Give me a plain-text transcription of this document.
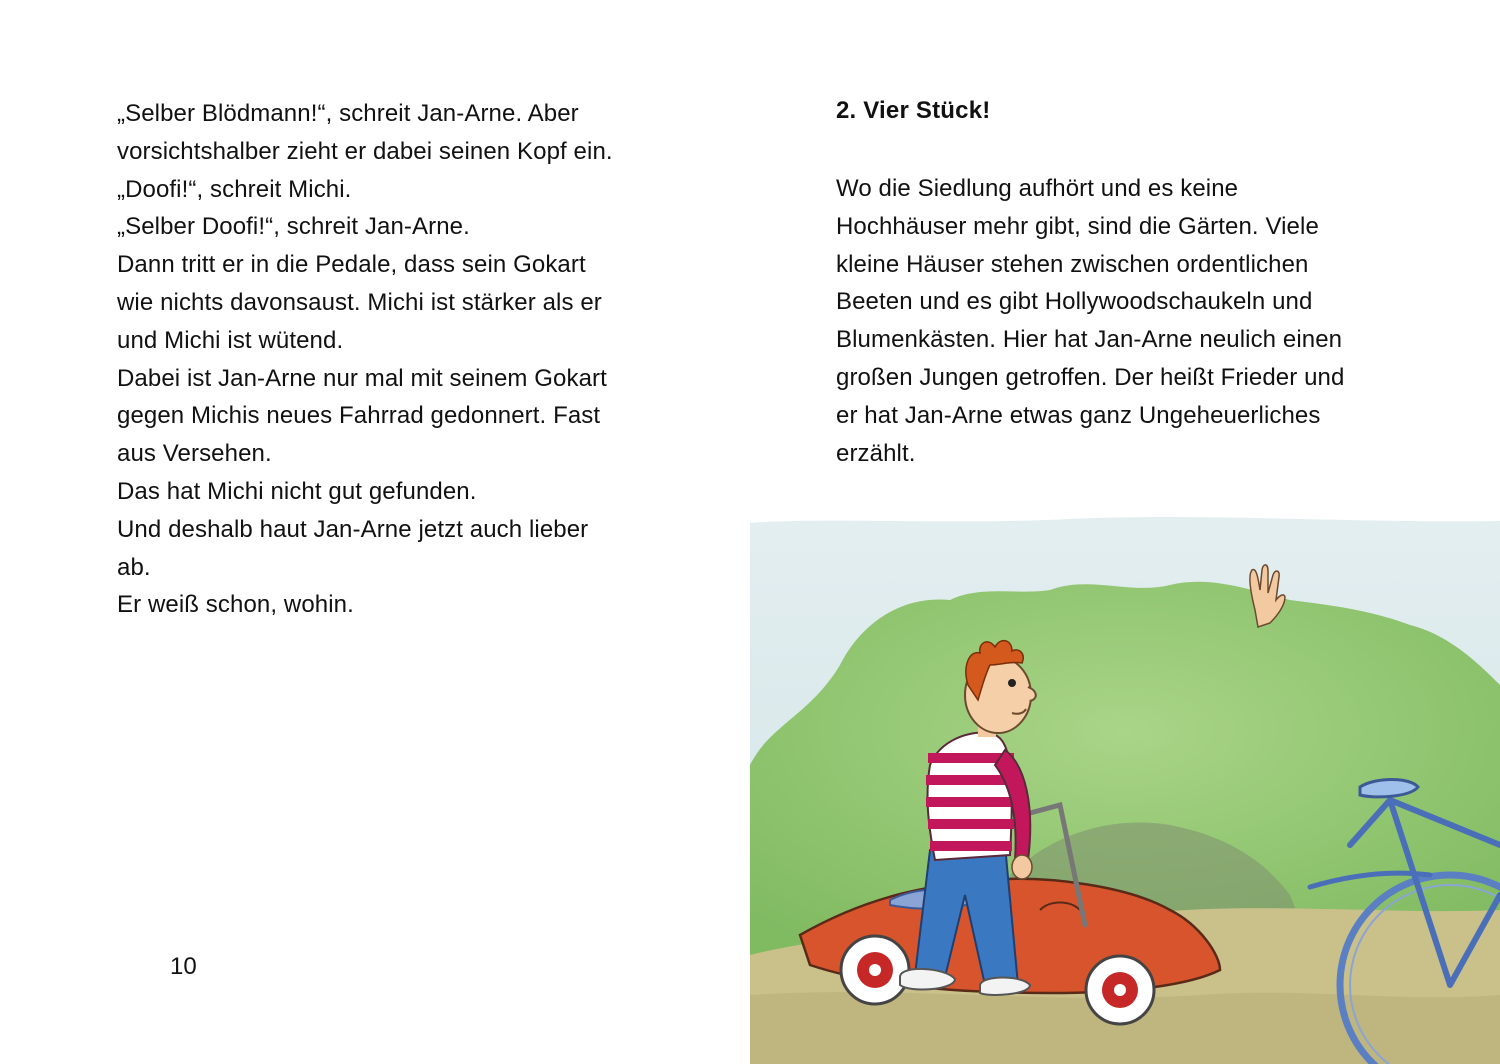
„Selber Blödmann!“, schreit Jan-Arne. Aber
vorsichtshalber zieht er dabei seinen Kopf ein.
„Doofi!“, schreit Michi.
„Selber Doofi!“, schreit Jan-Arne.
Dann tritt er in die Pedale, dass sein Gokart
wie nichts davonsaust. Michi ist stärker als er
und Michi ist wütend.
Dabei ist Jan-Arne nur mal mit seinem Gokart
gegen Michis neues Fahrrad gedonnert. Fast
aus Versehen.
Das hat Michi nicht gut gefunden.
Und deshalb haut Jan-Arne jetzt auch lieber
ab.
Er weiß schon, wohin.
10
2. Vier Stück!
Wo die Siedlung aufhört und es keine
Hochhäuser mehr gibt, sind die Gärten. Viele
kleine Häuser stehen zwischen ordentlichen
Beeten und es gibt Hollywoodschaukeln und
Blumenkästen. Hier hat Jan-Arne neulich einen
großen Jungen getroffen. Der heißt Frieder und
er hat Jan-Arne etwas ganz Ungeheuerliches
erzählt.
